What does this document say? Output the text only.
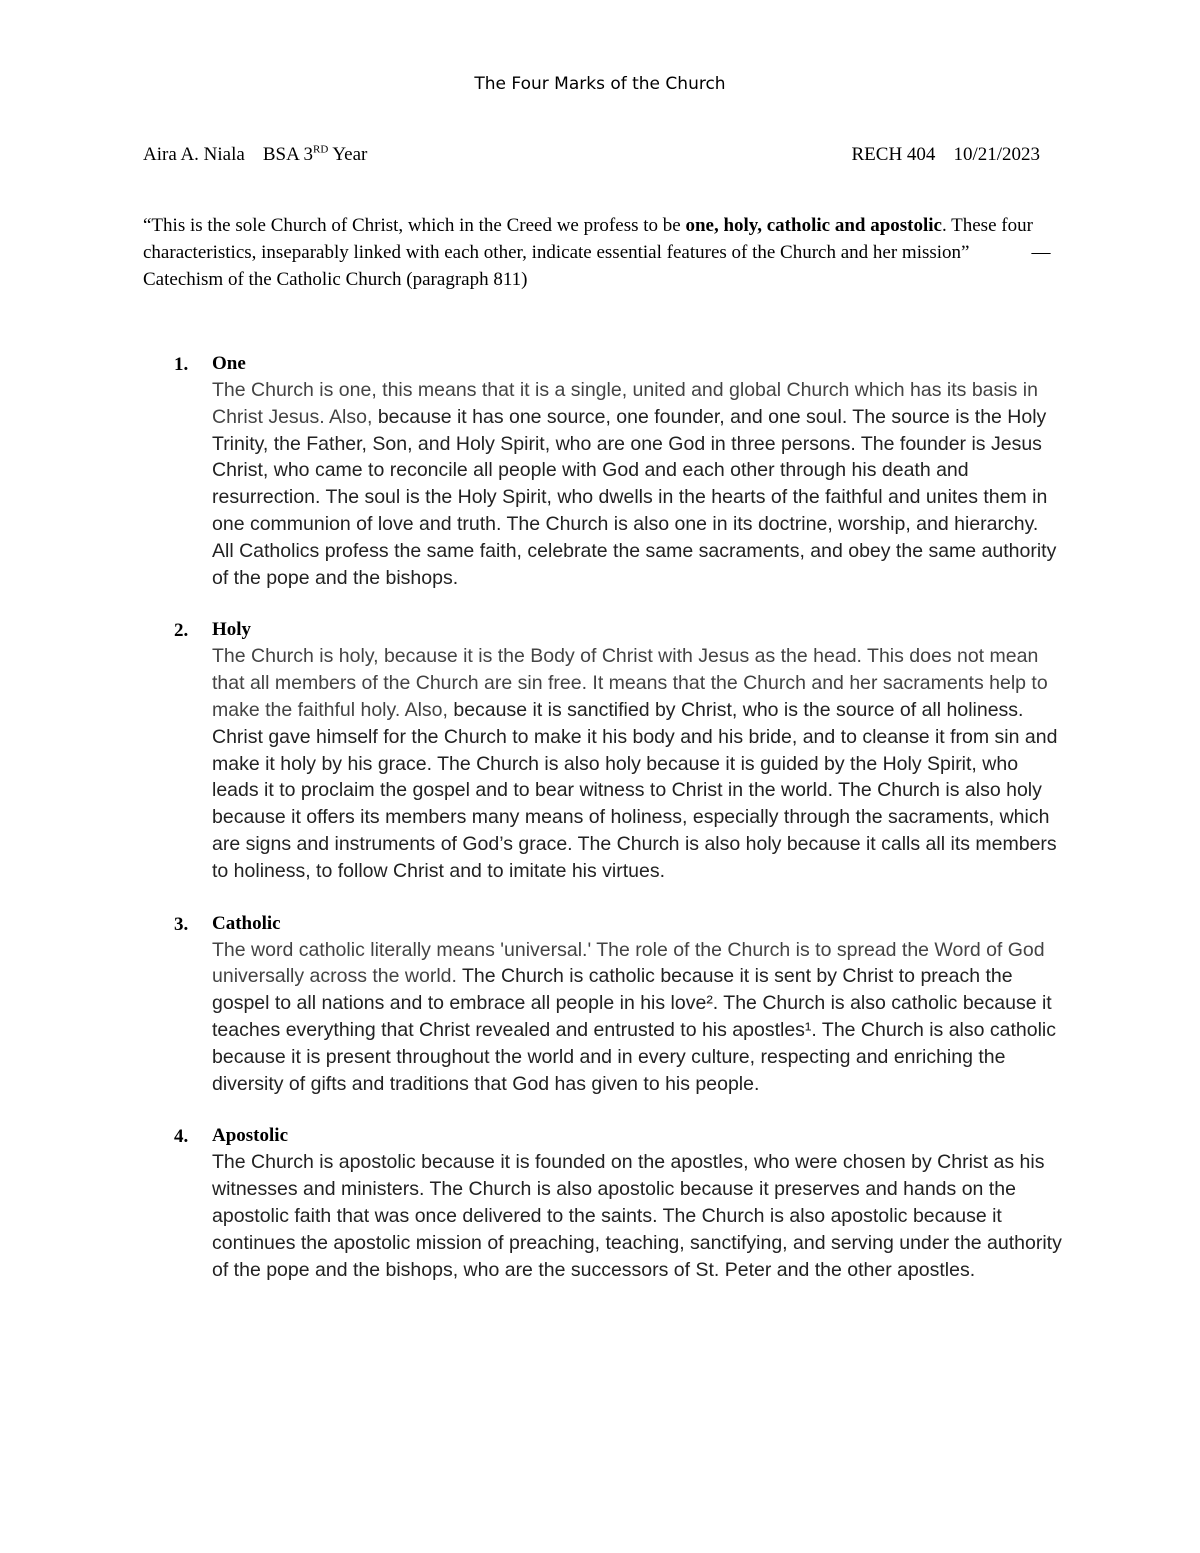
The Four Marks of the Church
Aira A. Niala BSA 3RD Year	RECH 404 10/21/2023
“This is the sole Church of Christ, which in the Creed we profess to be one, holy, catholic and apostolic. These four characteristics, inseparably linked with each other, indicate essential features of the Church and her mission”	— Catechism of the Catholic Church (paragraph 811)
1. One
The Church is one, this means that it is a single, united and global Church which has its basis in Christ Jesus. Also, because it has one source, one founder, and one soul. The source is the Holy Trinity, the Father, Son, and Holy Spirit, who are one God in three persons. The founder is Jesus Christ, who came to reconcile all people with God and each other through his death and resurrection. The soul is the Holy Spirit, who dwells in the hearts of the faithful and unites them in one communion of love and truth. The Church is also one in its doctrine, worship, and hierarchy. All Catholics profess the same faith, celebrate the same sacraments, and obey the same authority of the pope and the bishops.
2. Holy
The Church is holy, because it is the Body of Christ with Jesus as the head. This does not mean that all members of the Church are sin free. It means that the Church and her sacraments help to make the faithful holy. Also, because it is sanctified by Christ, who is the source of all holiness. Christ gave himself for the Church to make it his body and his bride, and to cleanse it from sin and make it holy by his grace. The Church is also holy because it is guided by the Holy Spirit, who leads it to proclaim the gospel and to bear witness to Christ in the world. The Church is also holy because it offers its members many means of holiness, especially through the sacraments, which are signs and instruments of God’s grace. The Church is also holy because it calls all its members to holiness, to follow Christ and to imitate his virtues.
3. Catholic
The word catholic literally means 'universal.' The role of the Church is to spread the Word of God universally across the world. The Church is catholic because it is sent by Christ to preach the gospel to all nations and to embrace all people in his love². The Church is also catholic because it teaches everything that Christ revealed and entrusted to his apostles¹. The Church is also catholic because it is present throughout the world and in every culture, respecting and enriching the diversity of gifts and traditions that God has given to his people.
4. Apostolic
The Church is apostolic because it is founded on the apostles, who were chosen by Christ as his witnesses and ministers. The Church is also apostolic because it preserves and hands on the apostolic faith that was once delivered to the saints. The Church is also apostolic because it continues the apostolic mission of preaching, teaching, sanctifying, and serving under the authority of the pope and the bishops, who are the successors of St. Peter and the other apostles.
